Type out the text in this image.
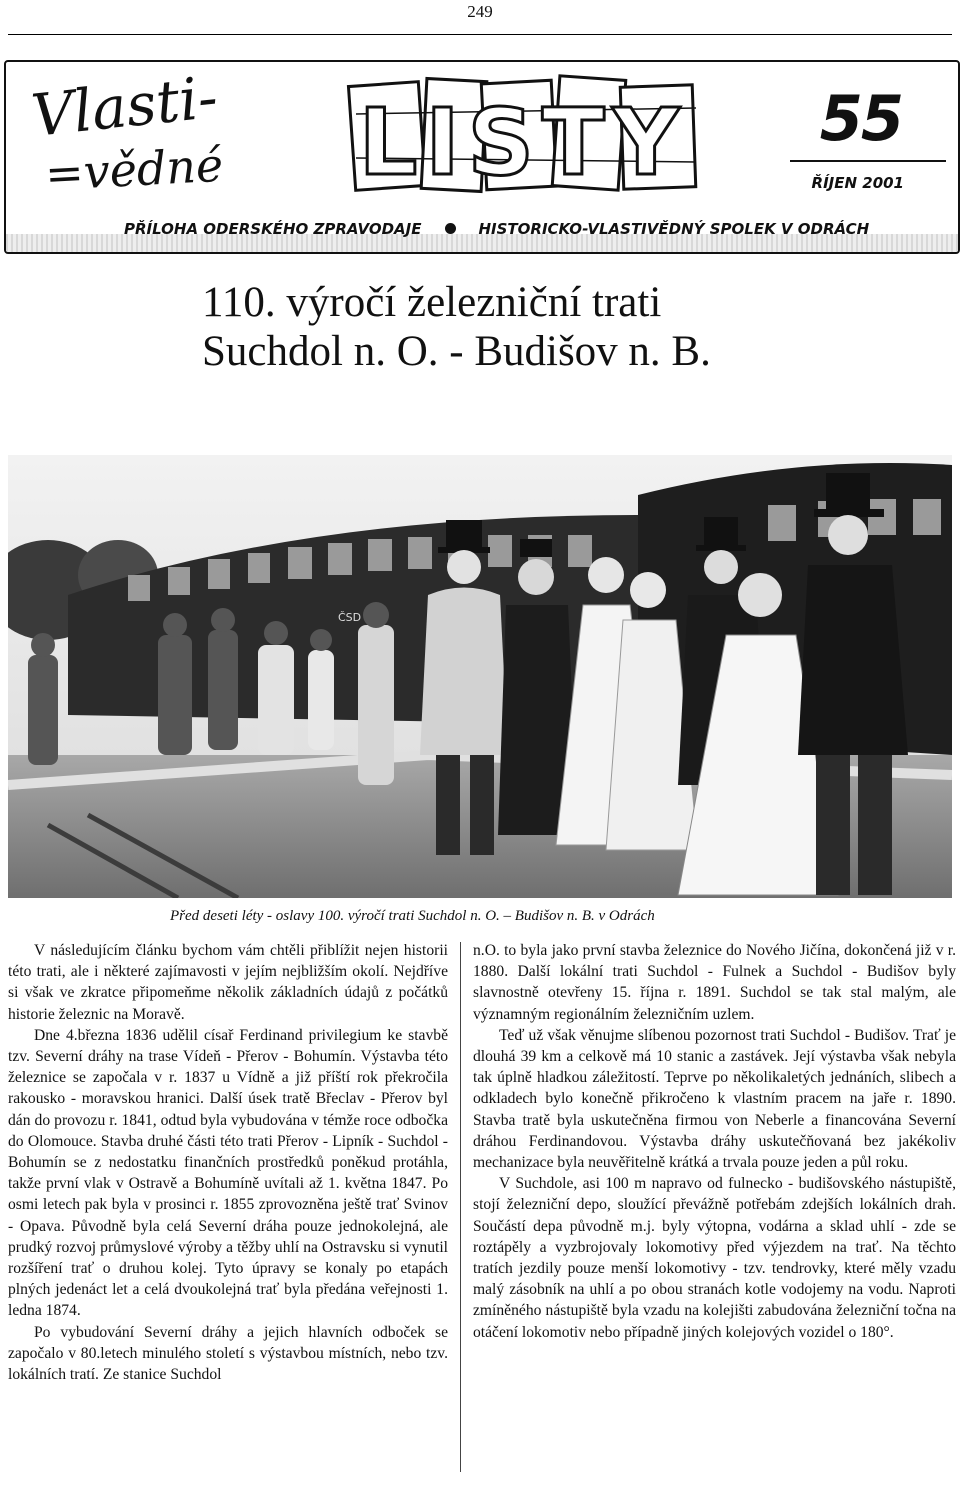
249
Vlasti-
=vědné LISTY 55
ŘÍJEN 2001
PŘÍLOHA ODERSKÉHO ZPRAVODAJE	HISTORICKO-VLASTIVĚDNÝ SPOLEK V ODRÁCH
110. výročí železniční trati
Suchdol n. O. - Budišov n. B.
ČSD
Před deseti léty - oslavy 100. výročí trati Suchdol n. O. – Budišov n. B. v Odrách

V následujícím článku bychom vám chtěli přiblížit nejen historii této trati, ale i některé zajímavosti v jejím nejbližším okolí. Nejdříve si však ve zkratce připomeňme několik základních údajů z počátků historie železnic na Moravě.

Dne 4.března 1836 udělil císař Ferdinand privilegium ke stavbě tzv. Severní dráhy na trase Vídeň - Přerov - Bohumín. Výstavba této železnice se započala v r. 1837 u Vídně a již příští rok překročila rakousko - moravskou hranici. Další úsek tratě Břeclav - Přerov byl dán do provozu r. 1841, odtud byla vybudována v témže roce odbočka do Olomouce. Stavba druhé části této trati Přerov - Lipník - Suchdol - Bohumín se z nedostatku finančních prostředků poněkud protáhla, takže první vlak v Ostravě a Bohumíně uvítali až 1. května 1847. Po osmi letech pak byla v prosinci r. 1855 zprovozněna ještě trať Svinov - Opava. Původně byla celá Severní dráha pouze jednokolejná, ale prudký rozvoj průmyslové výroby a těžby uhlí na Ostravsku si vynutil rozšíření trať o druhou kolej. Tyto úpravy se konaly po etapách plných jedenáct let a celá dvoukolejná trať byla předána veřejnosti 1. ledna 1874.

Po vybudování Severní dráhy a jejich hlavních odboček se započalo v 80.letech minulého století s výstavbou místních, nebo tzv. lokálních tratí. Ze stanice Suchdol

n.O. to byla jako první stavba železnice do Nového Jičína, dokončená již v r. 1880. Další lokální trati Suchdol - Fulnek a Suchdol - Budišov byly slavnostně otevřeny 15. října r. 1891. Suchdol se tak stal malým, ale významným regionálním železničním uzlem.

Teď už však věnujme slíbenou pozornost trati Suchdol - Budišov. Trať je dlouhá 39 km a celkově má 10 stanic a zastávek. Její výstavba však nebyla tak úplně hladkou záležitostí. Teprve po několikaletých jednáních, slibech a odkladech bylo konečně přikročeno k vlastním pracem na jaře r. 1890. Stavba tratě byla uskutečněna firmou von Neberle a financována Severní dráhou Ferdinandovou. Výstavba dráhy uskutečňovaná bez jakékoliv mechanizace byla neuvěřitelně krátká a trvala pouze jeden a půl roku.

V Suchdole, asi 100 m napravo od fulnecko - budišovského nástupiště, stojí železniční depo, sloužící převážně potřebám zdejších lokálních drah. Součástí depa původně m.j. byly výtopna, vodárna a sklad uhlí - zde se roztápěly a vyzbrojovaly lokomotivy před výjezdem na trať. Na těchto tratích jezdily pouze menší lokomotivy - tzv. tendrovky, které měly vzadu malý zásobník na uhlí a po obou stranách kotle vodojemy na vodu. Naproti zmíněného nástupiště byla vzadu na kolejišti zabudována železniční točna na otáčení lokomotiv nebo případně jiných kolejových vozidel o 180°.
